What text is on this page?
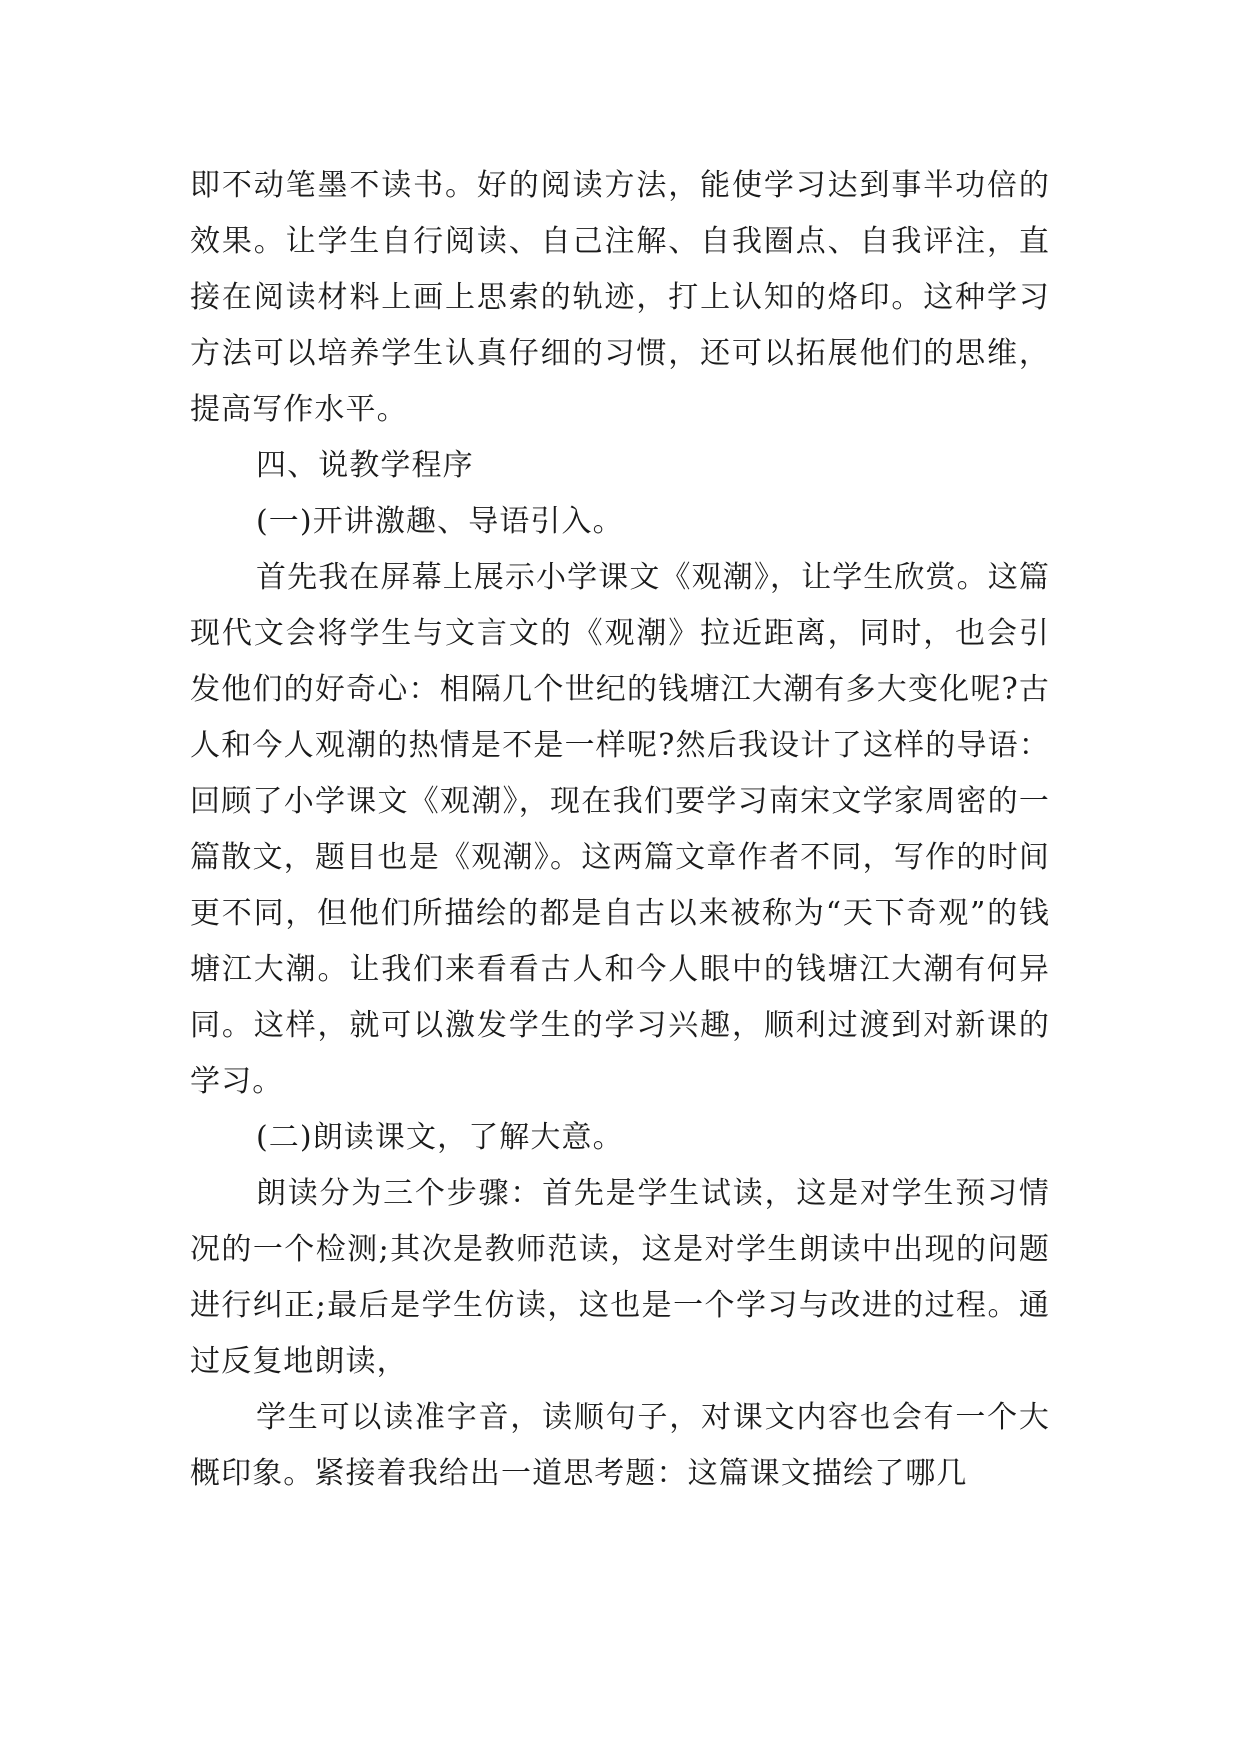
即不动笔墨不读书。好的阅读方法，能使学习达到事半功倍的效果。让学生自行阅读、自己注解、自我圈点、自我评注，直接在阅读材料上画上思索的轨迹，打上认知的烙印。这种学习方法可以培养学生认真仔细的习惯，还可以拓展他们的思维，提高写作水平。

四、说教学程序

(一)开讲激趣、导语引入。

首先我在屏幕上展示小学课文《观潮》，让学生欣赏。这篇现代文会将学生与文言文的《观潮》拉近距离，同时，也会引发他们的好奇心：相隔几个世纪的钱塘江大潮有多大变化呢?古人和今人观潮的热情是不是一样呢?然后我设计了这样的导语：回顾了小学课文《观潮》，现在我们要学习南宋文学家周密的一篇散文，题目也是《观潮》。这两篇文章作者不同，写作的时间更不同，但他们所描绘的都是自古以来被称为“天下奇观”的钱塘江大潮。让我们来看看古人和今人眼中的钱塘江大潮有何异同。这样，就可以激发学生的学习兴趣，顺利过渡到对新课的学习。

(二)朗读课文，了解大意。

朗读分为三个步骤：首先是学生试读，这是对学生预习情况的一个检测;其次是教师范读，这是对学生朗读中出现的问题进行纠正;最后是学生仿读，这也是一个学习与改进的过程。通过反复地朗读，

学生可以读准字音，读顺句子，对课文内容也会有一个大概印象。紧接着我给出一道思考题：这篇课文描绘了哪几
